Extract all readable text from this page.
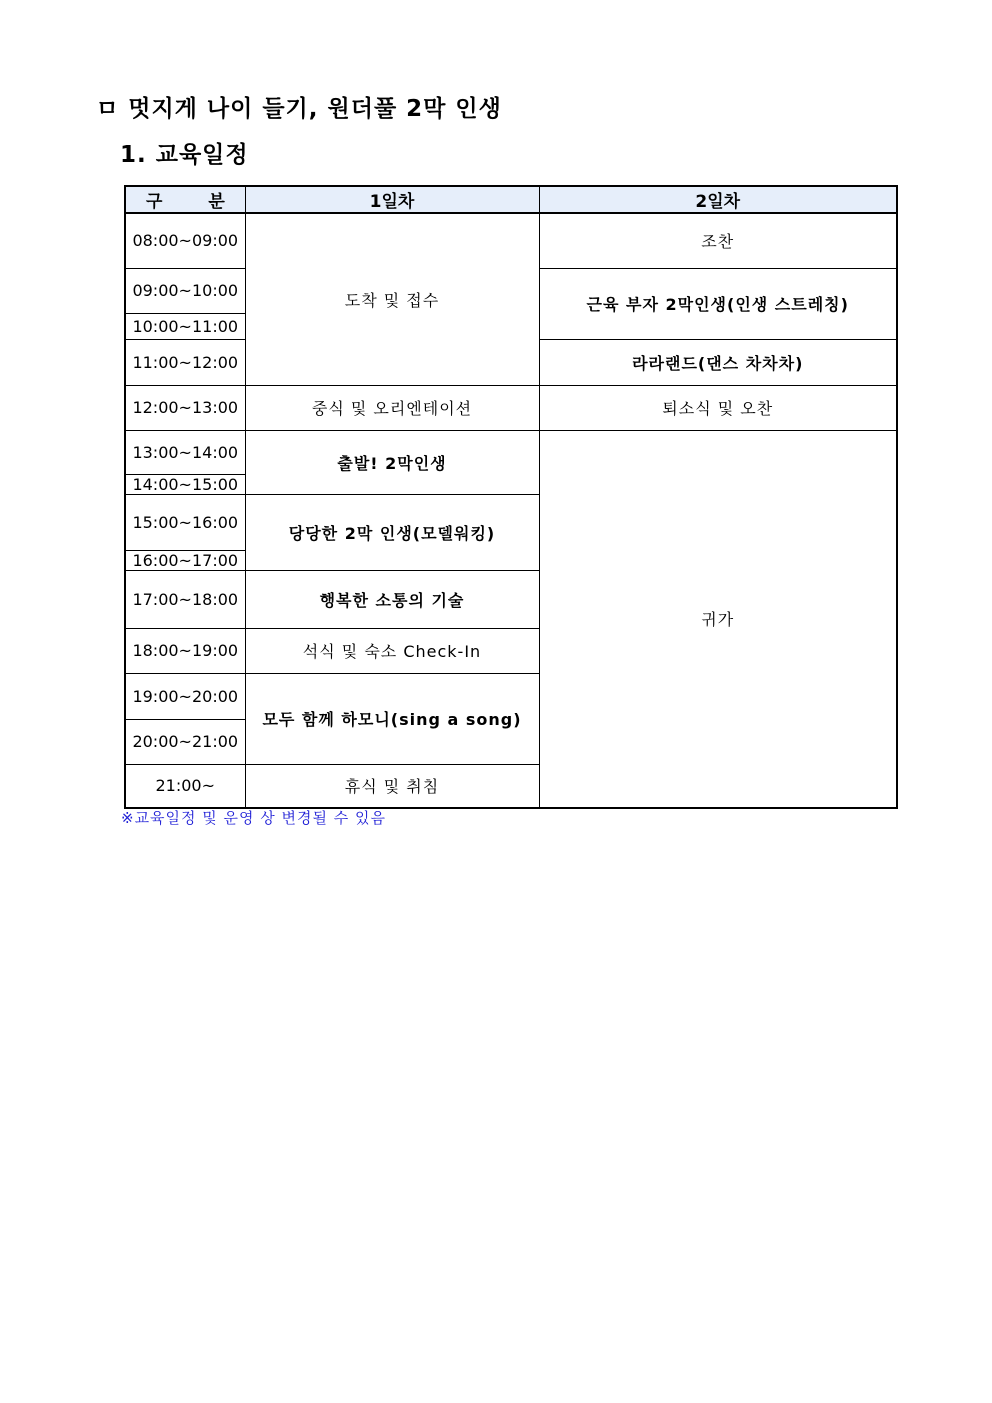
ㅁ 멋지게 나이 들기, 원더풀 2막 인생
1. 교육일정
구 분	1일차	2일차
08:00~09:00	도착 및 접수	조찬
09:00~10:00		근육 부자 2막인생(인생 스트레칭)
10:00~11:00		
11:00~12:00		라라랜드(댄스 차차차)
12:00~13:00	중식 및 오리엔테이션	퇴소식 및 오찬
13:00~14:00	출발! 2막인생	귀가
14:00~15:00		
15:00~16:00	당당한 2막 인생(모델워킹)	
16:00~17:00		
17:00~18:00	행복한 소통의 기술	
18:00~19:00	석식 및 숙소 Check-In	
19:00~20:00	모두 함께 하모니(sing a song)	
20:00~21:00		
21:00~	휴식 및 취침	

※교육일정 및 운영 상 변경될 수 있음
